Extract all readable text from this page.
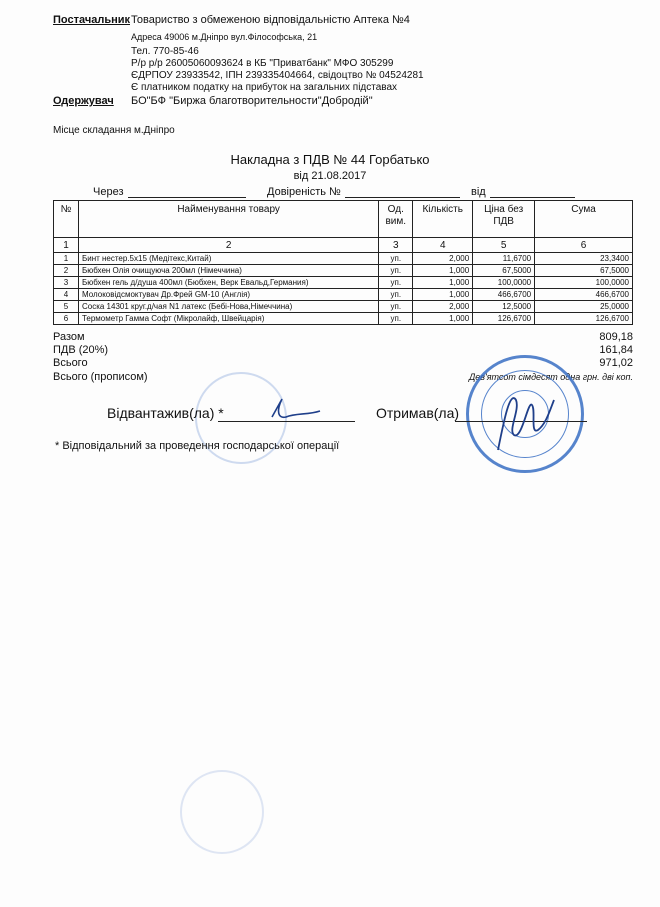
Постачальник Товариство з обмеженою відповідальністю Аптека №4
Адреса 49006 м.Дніпро вул.Філософська, 21
Тел. 770-85-46
Р/р р/р 26005060093624 в КБ "Приватбанк" МФО 305299
ЄДРПОУ 23933542, ІПН 239335404664, свідоцтво № 04524281
Є платником податку на прибуток на загальних підставах
Одержувач БО"БФ "Биржа благотворительности"Добродій"
Місце складання м.Дніпро
Накладна з ПДВ № 44 Горбатько
від 21.08.2017
Через	Довіреність №	від
№	Найменування товару	Од. вим.	Кількість	Ціна без ПДВ	Сума
1	2	3	4	5	6
1	Бинт нестер.5х15 (Медітекс,Китай)	уп.	2,000	11,6700	23,3400
2	Бюбхен Олія очищуюча 200мл (Німеччина)	уп.	1,000	67,5000	67,5000
3	Бюбхен гель д/душа 400мл (Бюбхен, Верк Евальд,Германия)	уп.	1,000	100,0000	100,0000
4	Молоковідсмоктувач Др.Фрей GM-10 (Англія)	уп.	1,000	466,6700	466,6700
5	Соска 14301 круг.д/чая N1 латекс (Бебі-Нова,Німеччина)	уп.	2,000	12,5000	25,0000
6	Термометр Гамма Софт (Мікролайф, Швейцарія)	уп.	1,000	126,6700	126,6700
Разом	809,18
ПДВ (20%)	161,84
Всього	971,02
Всього (прописом)	Дев'ятсот сімдесят одна грн. дві коп.
Відвантажив(ла) *	Отримав(ла)
* Відповідальний за проведення господарської операції
